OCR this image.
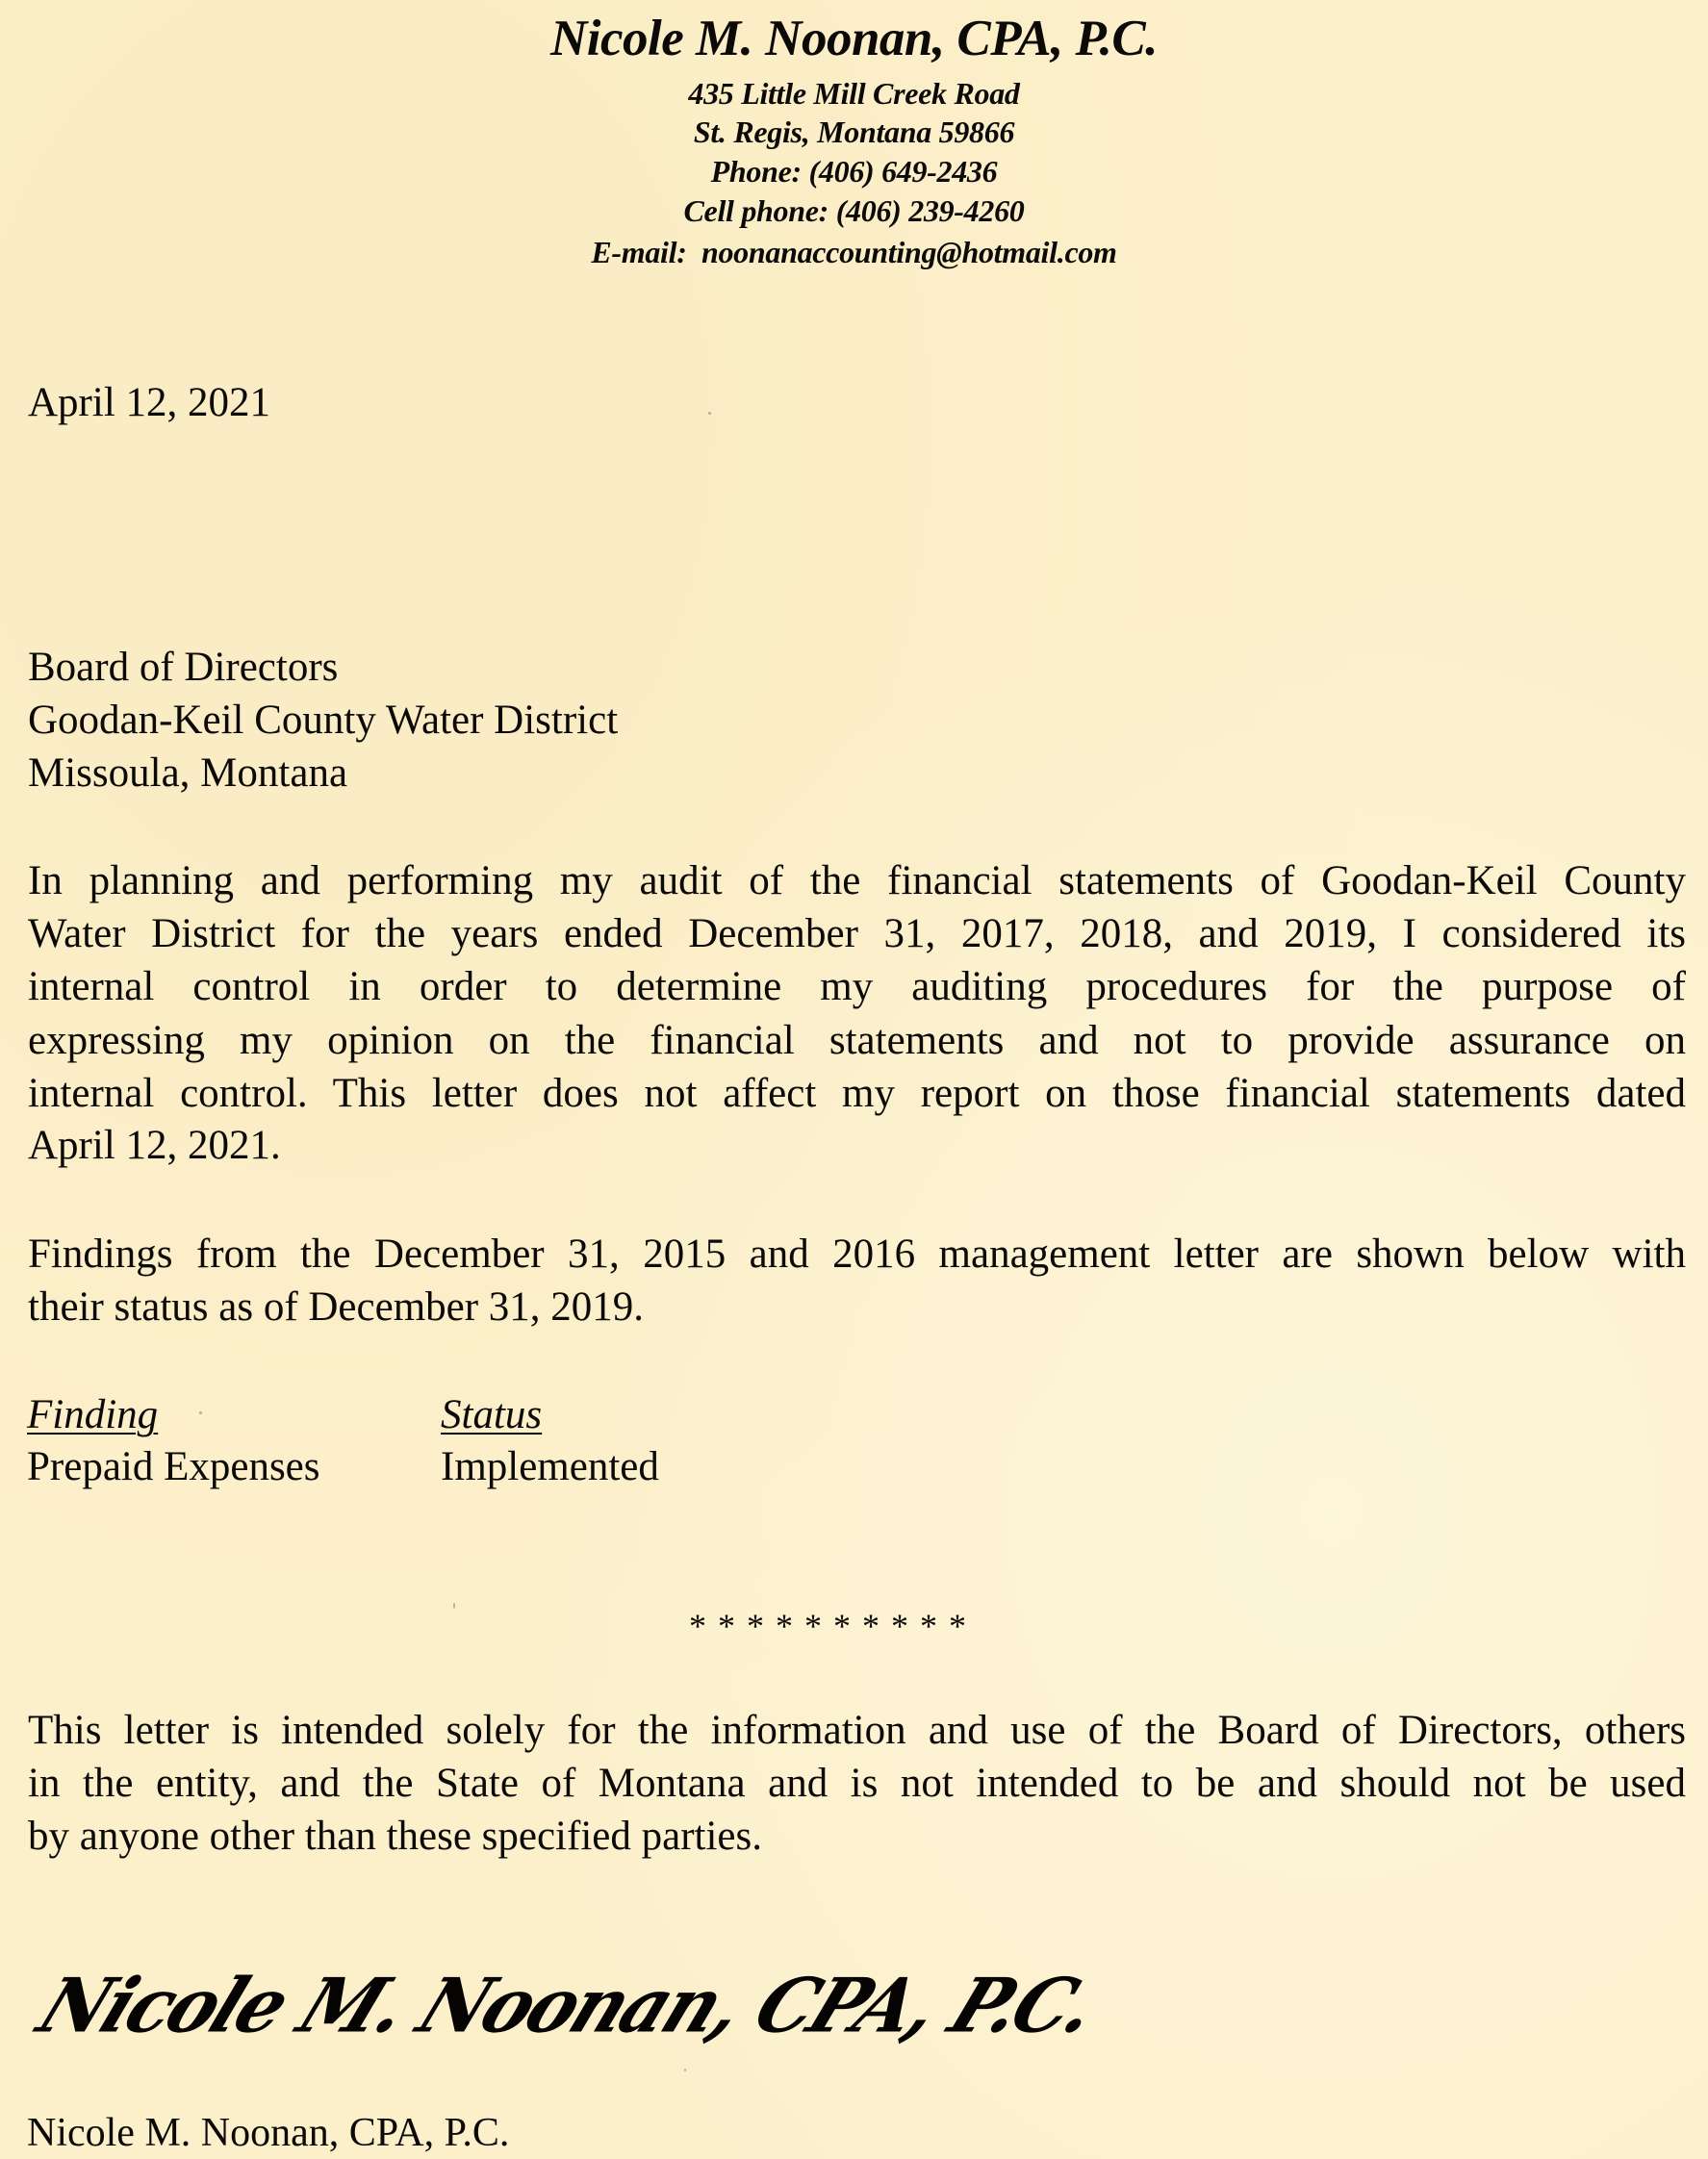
Nicole M. Noonan, CPA, P.C.
435 Little Mill Creek Road
St. Regis, Montana 59866
Phone: (406) 649-2436
Cell phone: (406) 239-4260
E-mail:  noonanaccounting@hotmail.com
April 12, 2021
Board of Directors
Goodan-Keil County Water District
Missoula, Montana
In planning and performing my audit of the financial statements of Goodan-Keil County
Water District for the years ended December 31, 2017, 2018, and 2019, I considered its
internal control in order to determine my auditing procedures for the purpose of
expressing my opinion on the financial statements and not to provide assurance on
internal control. This letter does not affect my report on those financial statements dated
April 12, 2021.
Findings from the December 31, 2015 and 2016 management letter are shown below with
their status as of December 31, 2019.
Finding	Status
Prepaid Expenses	Implemented
**********
This letter is intended solely for the information and use of the Board of Directors, others
in the entity, and the State of Montana and is not intended to be and should not be used
by anyone other than these specified parties.
Nicole M. Noonan, CPA, P.C.
Nicole M. Noonan, CPA, P.C.
